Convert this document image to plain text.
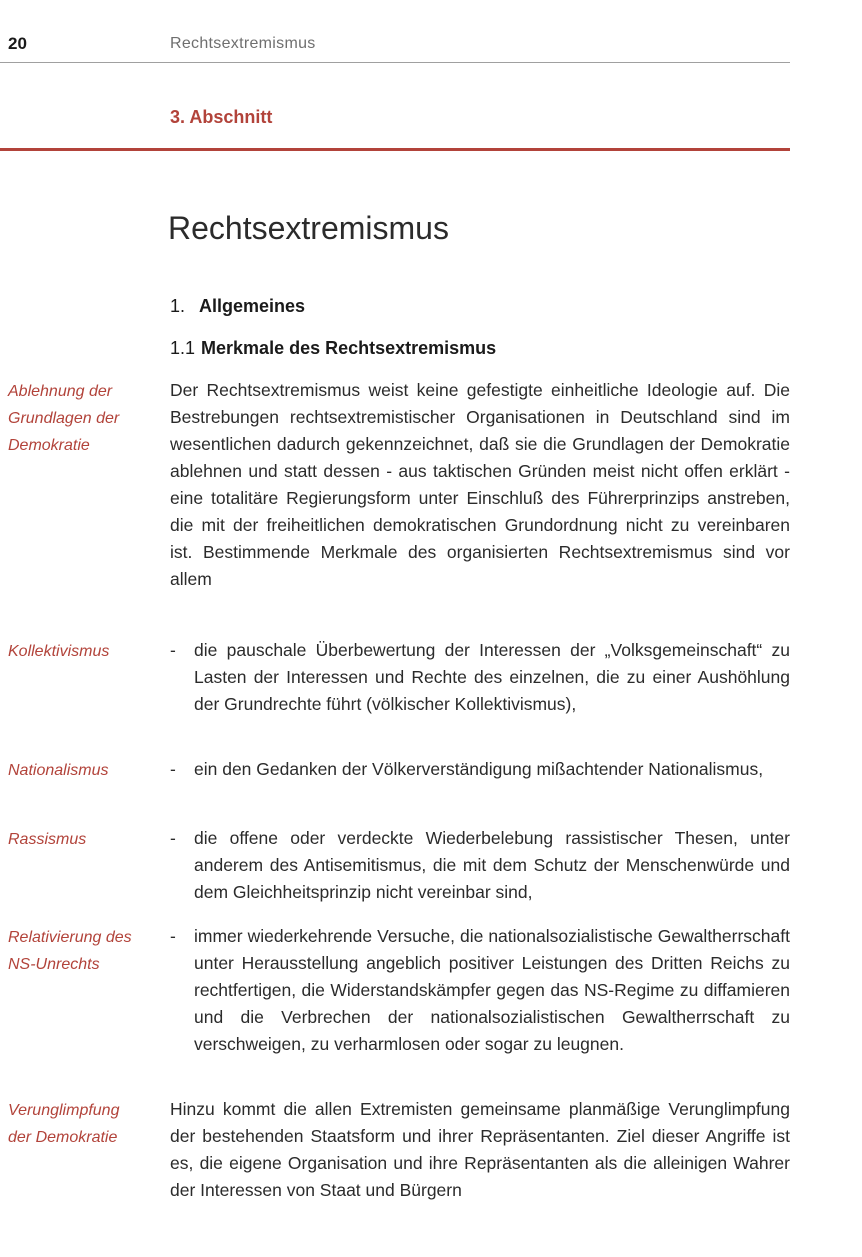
20	Rechtsextremismus
3. Abschnitt
Rechtsextremismus
1. Allgemeines
1.1 Merkmale des Rechtsextremismus
Ablehnung der Grundlagen der Demokratie
Kollektivismus
Nationalismus
Rassismus
Relativierung des NS-Unrechts
Verunglimpfung der Demokratie

Der Rechtsextremismus weist keine gefestigte einheitliche Ideologie auf. Die Bestrebungen rechtsextremistischer Organisationen in Deutschland sind im wesentlichen dadurch gekennzeichnet, daß sie die Grundlagen der Demokratie ablehnen und statt dessen - aus taktischen Gründen meist nicht offen erklärt - eine totalitäre Regierungsform unter Einschluß des Führerprinzips anstreben, die mit der freiheitlichen demokratischen Grundordnung nicht zu vereinbaren ist. Bestimmende Merkmale des organisierten Rechtsextremismus sind vor allem

-	die pauschale Überbewertung der Interessen der „Volksgemeinschaft“ zu Lasten der Interessen und Rechte des einzelnen, die zu einer Aushöhlung der Grundrechte führt (völkischer Kollektivismus),
-	ein den Gedanken der Völkerverständigung mißachtender Nationalismus,
-	die offene oder verdeckte Wiederbelebung rassistischer Thesen, unter anderem des Antisemitismus, die mit dem Schutz der Menschenwürde und dem Gleichheitsprinzip nicht vereinbar sind,
-	immer wiederkehrende Versuche, die nationalsozialistische Gewaltherrschaft unter Herausstellung angeblich positiver Leistungen des Dritten Reichs zu rechtfertigen, die Widerstandskämpfer gegen das NS-Regime zu diffamieren und die Verbrechen der nationalsozialistischen Gewaltherrschaft zu verschweigen, zu verharmlosen oder sogar zu leugnen.

Hinzu kommt die allen Extremisten gemeinsame planmäßige Verunglimpfung der bestehenden Staatsform und ihrer Repräsentanten. Ziel dieser Angriffe ist es, die eigene Organisation und ihre Repräsentanten als die alleinigen Wahrer der Interessen von Staat und Bürgern
